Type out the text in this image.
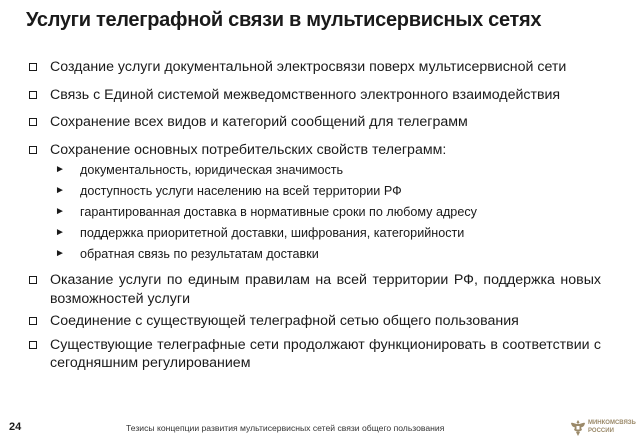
Услуги телеграфной связи в мультисервисных сетях
Создание услуги документальной электросвязи поверх мультисервисной сети
Связь с Единой системой межведомственного электронного взаимодействия
Сохранение всех видов и категорий сообщений для телеграмм
Сохранение основных потребительских свойств телеграмм:
► документальность, юридическая значимость
► доступность услуги населению на всей территории РФ
► гарантированная доставка в нормативные сроки по любому адресу
► поддержка приоритетной доставки, шифрования, категорийности
► обратная связь по результатам доставки
Оказание услуги по единым правилам на всей территории РФ, поддержка новых возможностей услуги
Соединение с существующей телеграфной сетью общего пользования
Существующие телеграфные сети продолжают функционировать в соответствии с сегодняшним регулированием
24	Тезисы концепции развития мультисервисных сетей связи общего пользования	МИНКОМСВЯЗЬ
РОССИИ
